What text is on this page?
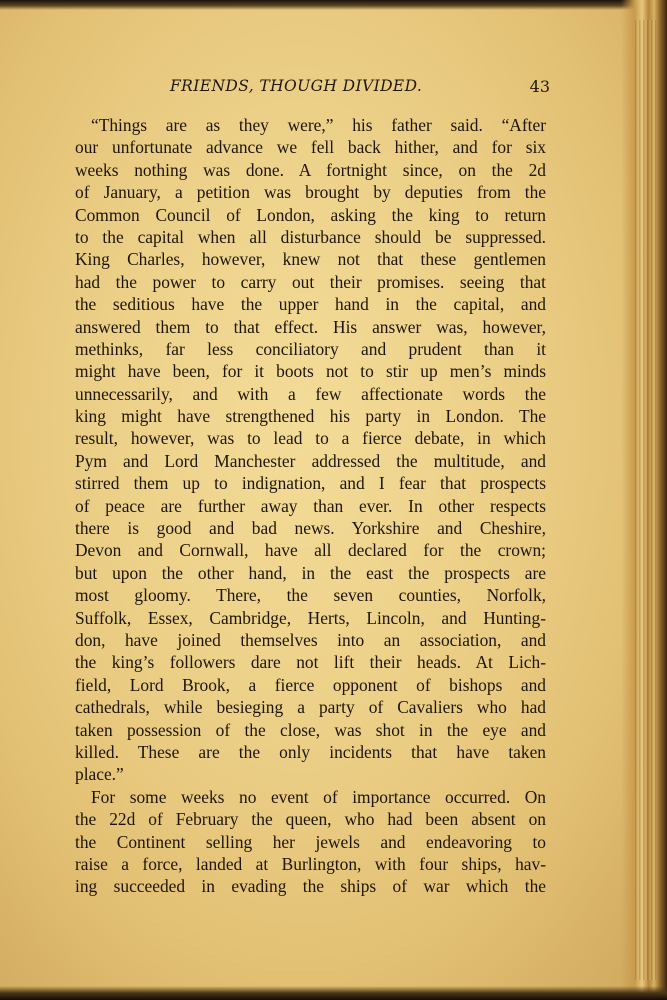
FRIENDS, THOUGH DIVIDED.	43
“Things are as they were,” his father said. “After
our unfortunate advance we fell back hither, and for six
weeks nothing was done. A fortnight since, on the 2d
of January, a petition was brought by deputies from the
Common Council of London, asking the king to return
to the capital when all disturbance should be suppressed.
King Charles, however, knew not that these gentlemen
had the power to carry out their promises. seeing that
the seditious have the upper hand in the capital, and
answered them to that effect. His answer was, however,
methinks, far less conciliatory and prudent than it
might have been, for it boots not to stir up men’s minds
unnecessarily, and with a few affectionate words the
king might have strengthened his party in London. The
result, however, was to lead to a fierce debate, in which
Pym and Lord Manchester addressed the multitude, and
stirred them up to indignation, and I fear that prospects
of peace are further away than ever. In other respects
there is good and bad news. Yorkshire and Cheshire,
Devon and Cornwall, have all declared for the crown;
but upon the other hand, in the east the prospects are
most gloomy. There, the seven counties, Norfolk,
Suffolk, Essex, Cambridge, Herts, Lincoln, and Hunting-
don, have joined themselves into an association, and
the king’s followers dare not lift their heads. At Lich-
field, Lord Brook, a fierce opponent of bishops and
cathedrals, while besieging a party of Cavaliers who had
taken possession of the close, was shot in the eye and
killed. These are the only incidents that have taken
place.”
For some weeks no event of importance occurred. On
the 22d of February the queen, who had been absent on
the Continent selling her jewels and endeavoring to
raise a force, landed at Burlington, with four ships, hav-
ing succeeded in evading the ships of war which the
